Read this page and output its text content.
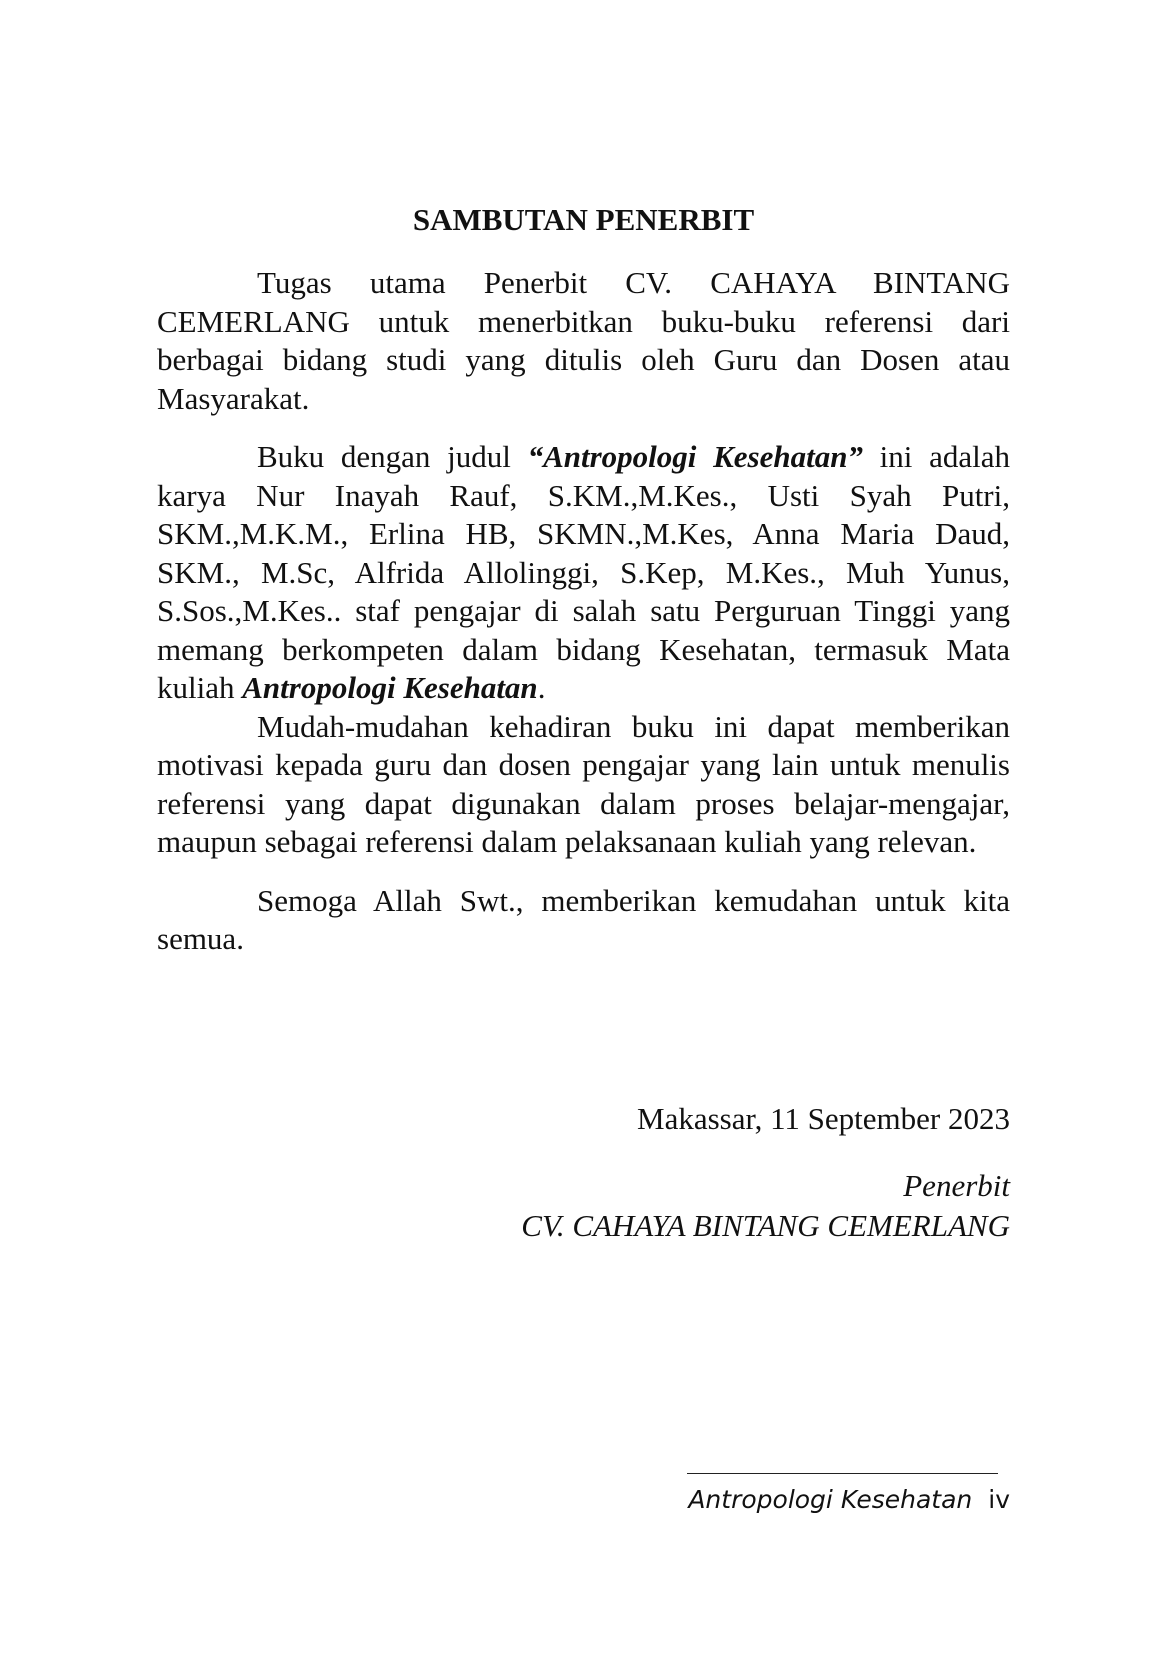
SAMBUTAN PENERBIT

Tugas utama Penerbit CV. CAHAYA BINTANG CEMERLANG untuk menerbitkan buku-buku referensi dari berbagai bidang studi yang ditulis oleh Guru dan Dosen atau Masyarakat.

Buku dengan judul “Antropologi Kesehatan” ini adalah karya Nur Inayah Rauf, S.KM.,M.Kes., Usti Syah Putri, SKM.,M.K.M., Erlina HB, SKMN.,M.Kes, Anna Maria Daud, SKM., M.Sc, Alfrida Allolinggi, S.Kep, M.Kes., Muh Yunus, S.Sos.,M.Kes.. staf pengajar di salah satu Perguruan Tinggi yang memang berkompeten dalam bidang Kesehatan, termasuk Mata kuliah Antropologi Kesehatan.

Mudah-mudahan kehadiran buku ini dapat memberikan motivasi kepada guru dan dosen pengajar yang lain untuk menulis referensi yang dapat digunakan dalam proses belajar-mengajar, maupun sebagai referensi dalam pelaksanaan kuliah yang relevan.

Semoga Allah Swt., memberikan kemudahan untuk kita semua.

Makassar, 11 September 2023
Penerbit
CV. CAHAYA BINTANG CEMERLANG
Antropologi Kesehatan iv
